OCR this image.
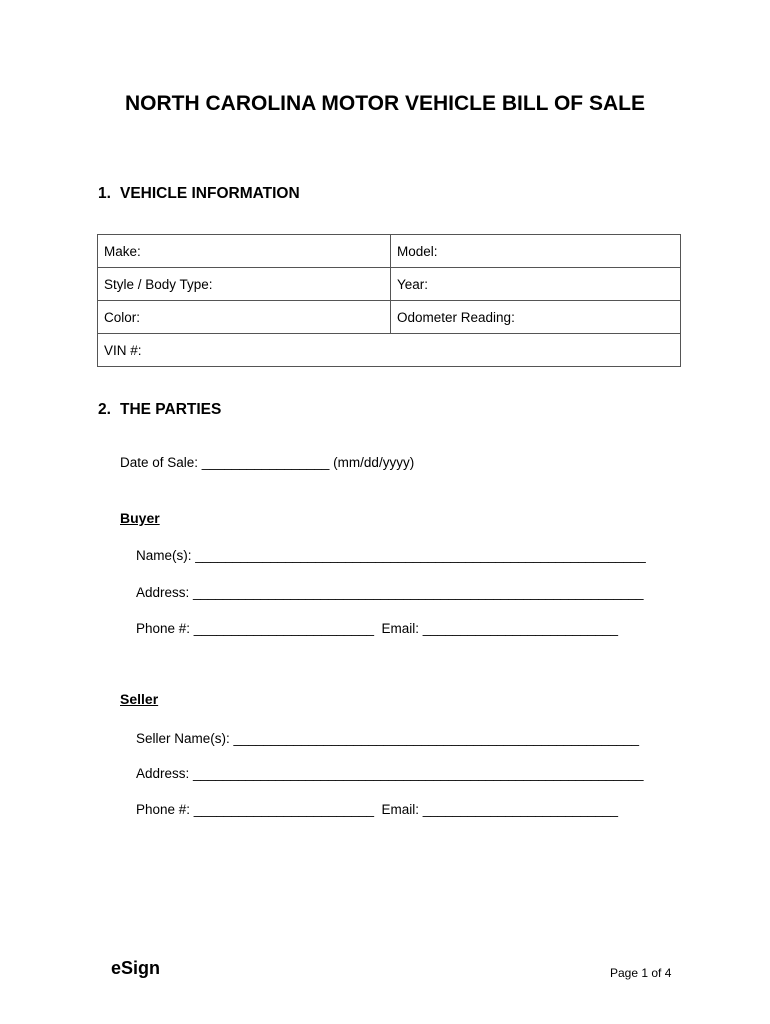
NORTH CAROLINA MOTOR VEHICLE BILL OF SALE
1. VEHICLE INFORMATION
Make:	Model:
Style / Body Type:	Year:
Color:	Odometer Reading:
VIN #:	
2. THE PARTIES
Date of Sale: _________________ (mm/dd/yyyy)
Buyer
Name(s): ____________________________________________________________
Address: ____________________________________________________________
Phone #: ________________________  Email: __________________________
Seller
Seller Name(s): ______________________________________________________
Address: ____________________________________________________________
Phone #: ________________________  Email: __________________________
eSign	Page 1 of 4
